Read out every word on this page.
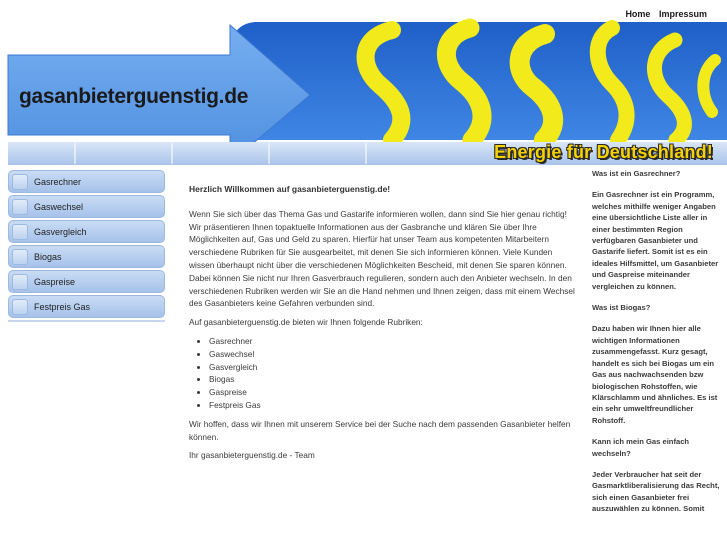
Home Impressum
gasanbieterguenstig.de
Energie für Deutschland!
Gasrechner
Gaswechsel
Gasvergleich
Biogas
Gaspreise
Festpreis Gas
Herzlich Willkommen auf gasanbieterguenstig.de!

Wenn Sie sich über das Thema Gas und Gastarife informieren wollen, dann sind Sie hier genau richtig! Wir präsentieren Ihnen topaktuelle Informationen aus der Gasbranche und klären Sie über Ihre Möglichkeiten auf, Gas und Geld zu sparen. Hierfür hat unser Team aus kompetenten Mitarbeitern verschiedene Rubriken für Sie ausgearbeitet, mit denen Sie sich informieren können. Viele Kunden wissen überhaupt nicht über die verschiedenen Möglichkeiten Bescheid, mit denen Sie sparen können. Dabei können Sie nicht nur Ihren Gasverbrauch regulieren, sondern auch den Anbieter wechseln. In den verschiedenen Rubriken werden wir Sie an die Hand nehmen und Ihnen zeigen, dass mit einem Wechsel des Gasanbieters keine Gefahren verbunden sind.

Auf gasanbieterguenstig.de bieten wir Ihnen folgende Rubriken:

• Gasrechner
• Gaswechsel
• Gasvergleich
• Biogas
• Gaspreise
• Festpreis Gas

Wir hoffen, dass wir Ihnen mit unserem Service bei der Suche nach dem passenden Gasanbieter helfen können.

Ihr gasanbieterguenstig.de - Team

Was ist ein Gasrechner?

Ein Gasrechner ist ein Programm, welches mithilfe weniger Angaben eine übersichtliche Liste aller in einer bestimmten Region verfügbaren Gasanbieter und Gastarife liefert. Somit ist es ein ideales Hilfsmittel, um Gasanbieter und Gaspreise miteinander vergleichen zu können.

Was ist Biogas?

Dazu haben wir Ihnen hier alle wichtigen Informationen zusammengefasst. Kurz gesagt, handelt es sich bei Biogas um ein Gas aus nachwachsenden bzw biologischen Rohstoffen, wie Klärschlamm und ähnliches. Es ist ein sehr umweltfreundlicher Rohstoff.

Kann ich mein Gas einfach wechseln?

Jeder Verbraucher hat seit der Gasmarktliberalisierung das Recht, sich einen Gasanbieter frei auszuwählen zu können. Somit
